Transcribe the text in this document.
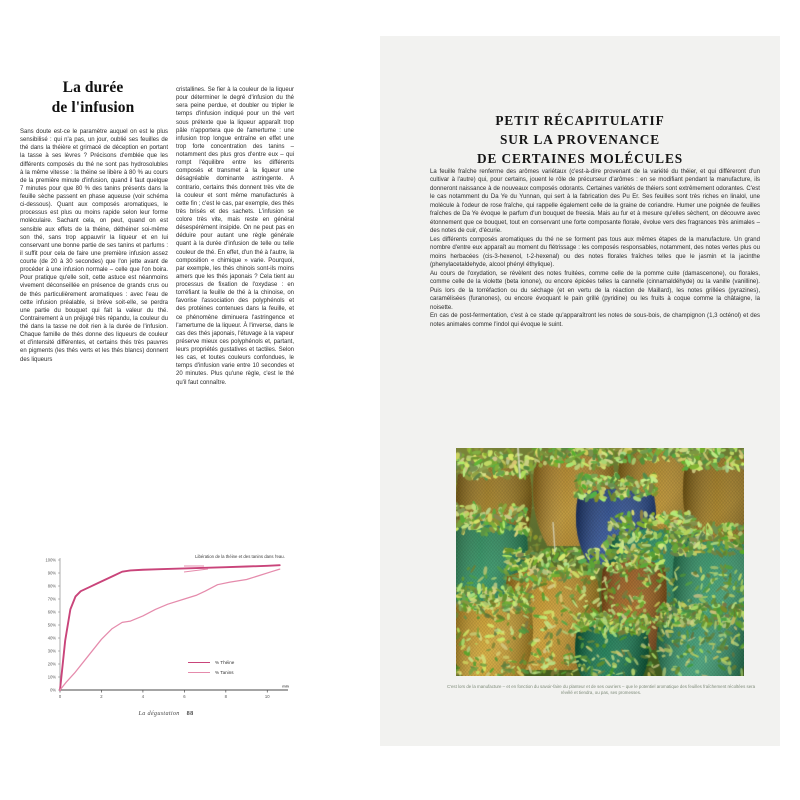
La durée
de l'infusion

Sans doute est-ce le paramètre auquel on est le plus sensibilisé : qui n'a pas, un jour, oublié ses feuilles de thé dans la théière et grimacé de déception en portant la tasse à ses lèvres ? Précisons d'emblée que les différents composés du thé ne sont pas hydrosolubles à la même vitesse : la théine se libère à 80 % au cours de la première minute d'infusion, quand il faut quelque 7 minutes pour que 80 % des tanins présents dans la feuille sèche passent en phase aqueuse (voir schéma ci-dessous). Quant aux composés aromatiques, le processus est plus ou moins rapide selon leur forme moléculaire. Sachant cela, on peut, quand on est sensible aux effets de la théine, déthéiner soi-même son thé, sans trop appauvrir la liqueur et en lui conservant une bonne partie de ses tanins et parfums : il suffit pour cela de faire une première infusion assez courte (de 20 à 30 secondes) que l'on jette avant de procéder à une infusion normale – celle que l'on boira. Pour pratique qu'elle soit, cette astuce est néanmoins vivement déconseillée en présence de grands crus ou de thés particulièrement aromatiques : avec l'eau de cette infusion préalable, si brève soit-elle, se perdra une partie du bouquet qui fait la valeur du thé. Contrairement à un préjugé très répandu, la couleur du thé dans la tasse ne doit rien à la durée de l'infusion. Chaque famille de thés donne des liqueurs de couleur et d'intensité différentes, et certains thés très pauvres en pigments (les thés verts et les thés blancs) donnent des liqueurs

cristallines. Se fier à la couleur de la liqueur pour déterminer le degré d'infusion du thé sera peine perdue, et doubler ou tripler le temps d'infusion indiqué pour un thé vert sous prétexte que la liqueur apparaît trop pâle n'apportera que de l'amertume : une infusion trop longue entraîne en effet une trop forte concentration des tanins – notamment des plus gros d'entre eux – qui rompt l'équilibre entre les différents composés et transmet à la liqueur une désagréable dominante astringente. A contrario, certains thés donnent très vite de la couleur et sont même manufacturés à cette fin ; c'est le cas, par exemple, des thés très brisés et des sachets. L'infusion se colore très vite, mais reste en général désespérément insipide. On ne peut pas en déduire pour autant une règle générale quant à la durée d'infusion de telle ou telle couleur de thé. En effet, d'un thé à l'autre, la composition « chimique » varie. Pourquoi, par exemple, les thés chinois sont-ils moins amers que les thés japonais ? Cela tient au processus de fixation de l'oxydase : en torréfiant la feuille de thé à la chinoise, on favorise l'association des polyphénols et des protéines contenues dans la feuille, et ce phénomène diminuera l'astringence et l'amertume de la liqueur. À l'inverse, dans le cas des thés japonais, l'étuvage à la vapeur préserve mieux ces polyphénols et, partant, leurs propriétés gustatives et tactiles. Selon les cas, et toutes couleurs confondues, le temps d'infusion varie entre 10 secondes et 20 minutes. Plus qu'une règle, c'est le thé qu'il faut connaître.

0%
10%
20%
30%
40%
50%
60%
70%
80%
90%
100%
0	2	4	6	8	10
min
Libération de la théine et des tanins dans l'eau.
% Théine
% Tanins
La dégustation 88
PETIT RÉCAPITULATIF
SUR LA PROVENANCE
DE CERTAINES MOLÉCULES

La feuille fraîche renferme des arômes variétaux (c'est-à-dire provenant de la variété du théier, et qui différeront d'un cultivar à l'autre) qui, pour certains, jouent le rôle de précurseur d'arômes : en se modifiant pendant la manufacture, ils donneront naissance à de nouveaux composés odorants. Certaines variétés de théiers sont extrêmement odorantes. C'est le cas notamment du Da Ye du Yunnan, qui sert à la fabrication des Pu Er. Ses feuilles sont très riches en linalol, une molécule à l'odeur de rose fraîche, qui rappelle également celle de la graine de coriandre. Humer une poignée de feuilles fraîches de Da Ye évoque le parfum d'un bouquet de freesia. Mais au fur et à mesure qu'elles sèchent, on découvre avec étonnement que ce bouquet, tout en conservant une forte composante florale, évolue vers des fragrances très animales – des notes de cuir, d'écurie.

Les différents composés aromatiques du thé ne se forment pas tous aux mêmes étapes de la manufacture. Un grand nombre d'entre eux apparaît au moment du flétrissage : les composés responsables, notamment, des notes vertes plus ou moins herbacées (cis-3-hexenol, t-2-hexenal) ou des notes florales fraîches telles que le jasmin et la jacinthe (phenylacetaldehyde, alcool phényl éthylique).

Au cours de l'oxydation, se révèlent des notes fruitées, comme celle de la pomme cuite (damascenone), ou florales, comme celle de la violette (beta ionone), ou encore épicées telles la cannelle (cinnamaldéhyde) ou la vanille (vanilline). Puis lors de la torréfaction ou du séchage (et en vertu de la réaction de Maillard), les notes grillées (pyrazines), caramélisées (furanones), ou encore évoquant le pain grillé (pyridine) ou les fruits à coque comme la châtaigne, la noisette.

En cas de post-fermentation, c'est à ce stade qu'apparaîtront les notes de sous-bois, de champignon (1,3 octénol) et des notes animales comme l'indol qui évoque le suint.

C'est lors de la manufacture – et en fonction du savoir-faire du planteur et de ses ouvriers – que le potentiel aromatique des feuilles fraîchement récoltées sera révélé et tiendra, ou pas, ses promesses.
